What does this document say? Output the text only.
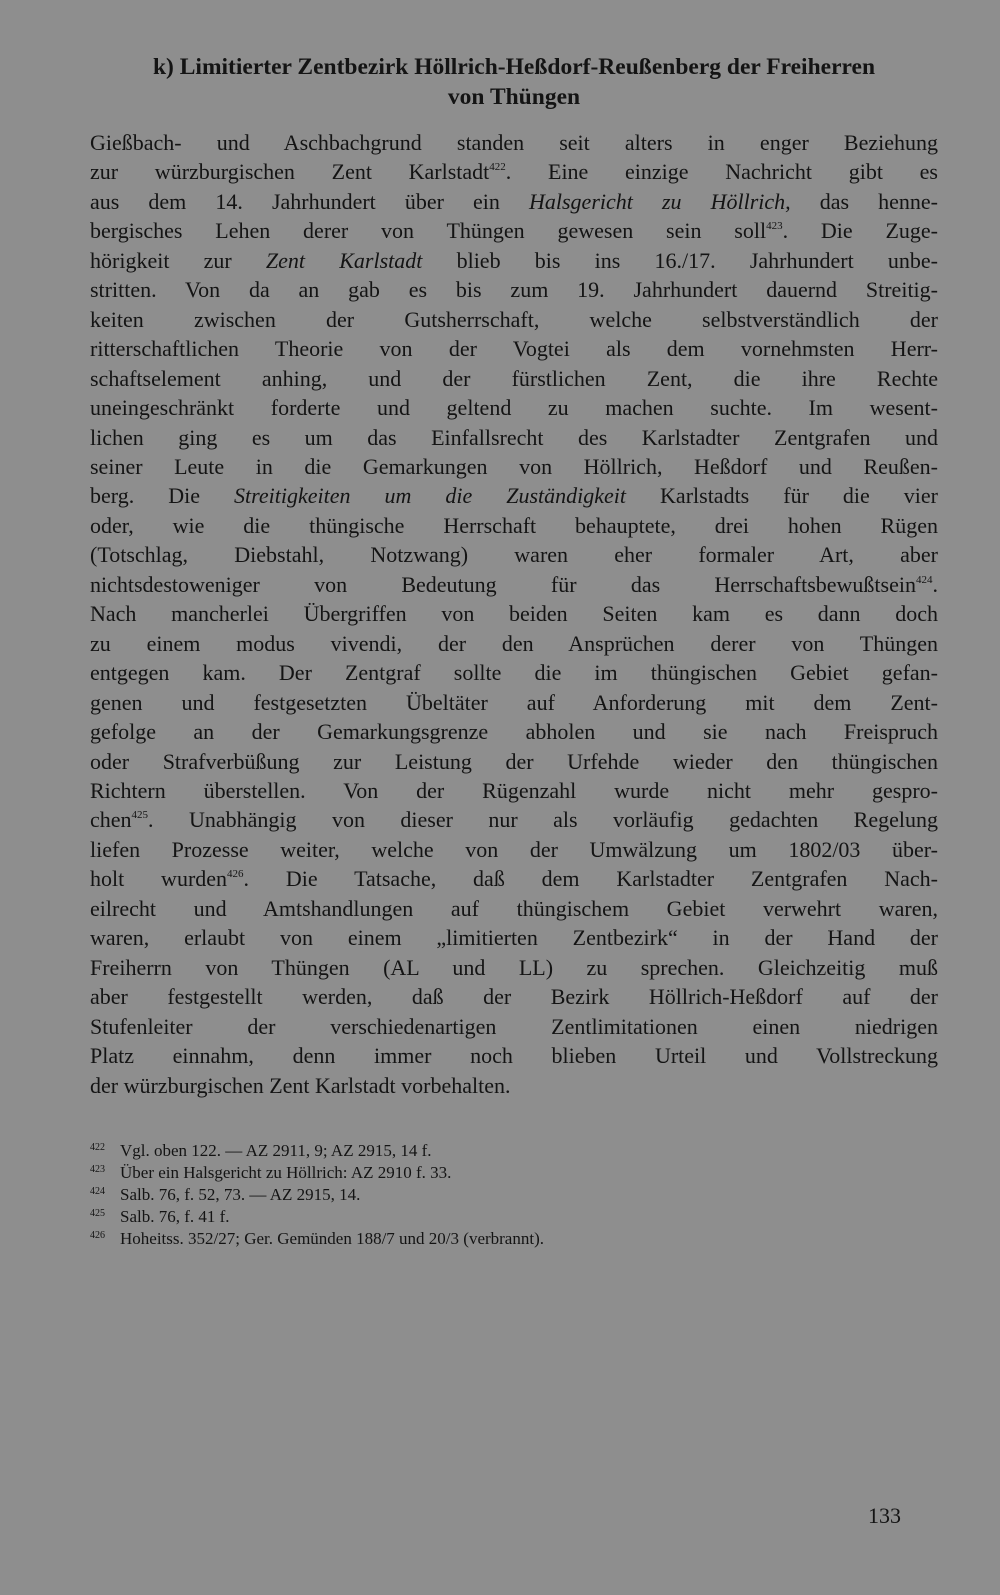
k) Limitierter Zentbezirk Höllrich-Heßdorf-Reußenberg der Freiherren
von Thüngen

Gießbach- und Aschbachgrund standen seit alters in enger Beziehung
zur würzburgischen Zent Karlstadt$^{422}$. Eine einzige Nachricht gibt es
aus dem 14. Jahrhundert über ein Halsgericht zu Höllrich, das henne-
bergisches Lehen derer von Thüngen gewesen sein soll$^{423}$. Die Zuge-
hörigkeit zur Zent Karlstadt blieb bis ins 16./17. Jahrhundert unbe-
stritten. Von da an gab es bis zum 19. Jahrhundert dauernd Streitig-
keiten zwischen der Gutsherrschaft, welche selbstverständlich der
ritterschaftlichen Theorie von der Vogtei als dem vornehmsten Herr-
schaftselement anhing, und der fürstlichen Zent, die ihre Rechte
uneingeschränkt forderte und geltend zu machen suchte. Im wesent-
lichen ging es um das Einfallsrecht des Karlstadter Zentgrafen und
seiner Leute in die Gemarkungen von Höllrich, Heßdorf und Reußen-
berg. Die Streitigkeiten um die Zuständigkeit Karlstadts für die vier
oder, wie die thüngische Herrschaft behauptete, drei hohen Rügen
(Totschlag, Diebstahl, Notzwang) waren eher formaler Art, aber
nichtsdestoweniger von Bedeutung für das Herrschaftsbewußtsein$^{424}$.
Nach mancherlei Übergriffen von beiden Seiten kam es dann doch
zu einem modus vivendi, der den Ansprüchen derer von Thüngen
entgegen kam. Der Zentgraf sollte die im thüngischen Gebiet gefan-
genen und festgesetzten Übeltäter auf Anforderung mit dem Zent-
gefolge an der Gemarkungsgrenze abholen und sie nach Freispruch
oder Strafverbüßung zur Leistung der Urfehde wieder den thüngischen
Richtern überstellen. Von der Rügenzahl wurde nicht mehr gespro-
chen$^{425}$. Unabhängig von dieser nur als vorläufig gedachten Regelung
liefen Prozesse weiter, welche von der Umwälzung um 1802/03 über-
holt wurden$^{426}$. Die Tatsache, daß dem Karlstadter Zentgrafen Nach-
eilrecht und Amtshandlungen auf thüngischem Gebiet verwehrt waren,
waren, erlaubt von einem „limitierten Zentbezirk“ in der Hand der
Freiherrn von Thüngen (AL und LL) zu sprechen. Gleichzeitig muß
aber festgestellt werden, daß der Bezirk Höllrich-Heßdorf auf der
Stufenleiter der verschiedenartigen Zentlimitationen einen niedrigen
Platz einnahm, denn immer noch blieben Urteil und Vollstreckung
der würzburgischen Zent Karlstadt vorbehalten.

422 Vgl. oben 122. — AZ 2911, 9; AZ 2915, 14 f.
423 Über ein Halsgericht zu Höllrich: AZ 2910 f. 33.
424 Salb. 76, f. 52, 73. — AZ 2915, 14.
425 Salb. 76, f. 41 f.
426 Hoheitss. 352/27; Ger. Gemünden 188/7 und 20/3 (verbrannt).
133
